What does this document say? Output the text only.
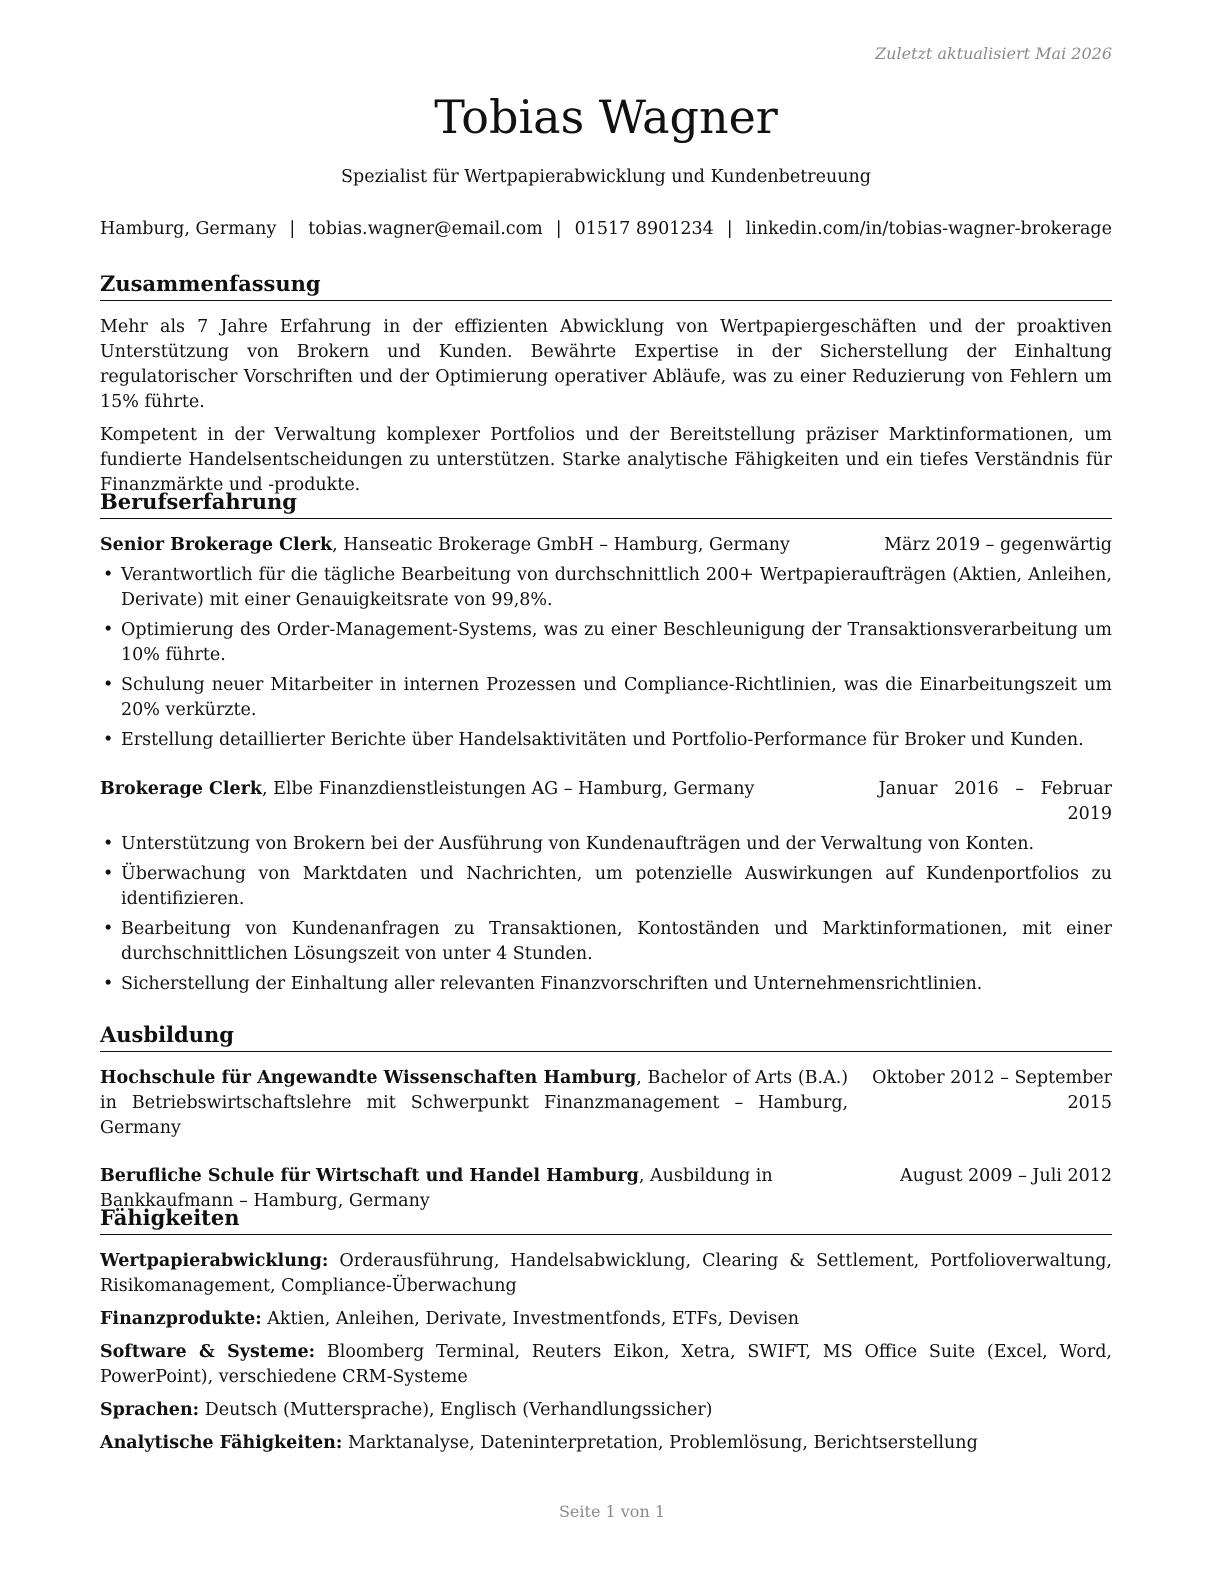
Zuletzt aktualisiert Mai 2026
Tobias Wagner
Spezialist für Wertpapierabwicklung und Kundenbetreuung
Hamburg, Germany | tobias.wagner@email.com | 01517 8901234 | linkedin.com/in/tobias-wagner-brokerage
Zusammenfassung

Mehr als 7 Jahre Erfahrung in der effizienten Abwicklung von Wertpapiergeschäften und der proaktiven Unterstützung von Brokern und Kunden. Bewährte Expertise in der Sicherstellung der Einhaltung regulatorischer Vorschriften und der Optimierung operativer Abläufe, was zu einer Reduzierung von Fehlern um 15% führte.

Kompetent in der Verwaltung komplexer Portfolios und der Bereitstellung präziser Marktinformationen, um fundierte Handelsentscheidungen zu unterstützen. Starke analytische Fähigkeiten und ein tiefes Verständnis für Finanzmärkte und -produkte.

Berufserfahrung
Senior Brokerage Clerk, Hanseatic Brokerage GmbH – Hamburg, Germany	März 2019 – gegenwärtig
• Verantwortlich für die tägliche Bearbeitung von durchschnittlich 200+ Wertpapieraufträgen (Aktien, Anleihen, Derivate) mit einer Genauigkeitsrate von 99,8%.
• Optimierung des Order-Management-Systems, was zu einer Beschleunigung der Transaktionsverarbeitung um 10% führte.
• Schulung neuer Mitarbeiter in internen Prozessen und Compliance-Richtlinien, was die Einarbeitungszeit um 20% verkürzte.
• Erstellung detaillierter Berichte über Handelsaktivitäten und Portfolio-Performance für Broker und Kunden.
Brokerage Clerk, Elbe Finanzdienstleistungen AG – Hamburg, Germany	Januar   2016   –   Februar
2019
• Unterstützung von Brokern bei der Ausführung von Kundenaufträgen und der Verwaltung von Konten.
• Überwachung von Marktdaten und Nachrichten, um potenzielle Auswirkungen auf Kundenportfolios zu identifizieren.
• Bearbeitung von Kundenanfragen zu Transaktionen, Kontoständen und Marktinformationen, mit einer durchschnittlichen Lösungszeit von unter 4 Stunden.
• Sicherstellung der Einhaltung aller relevanten Finanzvorschriften und Unternehmensrichtlinien.
Ausbildung
Hochschule für Angewandte Wissenschaften Hamburg, Bachelor of Arts (B.A.) in Betriebswirtschaftslehre mit Schwerpunkt Finanzmanagement – Hamburg, Germany
Oktober 2012 – September
2015
Berufliche Schule für Wirtschaft und Handel Hamburg, Ausbildung in Bankkaufmann – Hamburg, Germany
August 2009 – Juli 2012
Fähigkeiten

Wertpapierabwicklung: Orderausführung, Handelsabwicklung, Clearing & Settlement, Portfolioverwaltung, Risikomanagement, Compliance-Überwachung

Finanzprodukte: Aktien, Anleihen, Derivate, Investmentfonds, ETFs, Devisen

Software & Systeme: Bloomberg Terminal, Reuters Eikon, Xetra, SWIFT, MS Office Suite (Excel, Word, PowerPoint), verschiedene CRM-Systeme

Sprachen: Deutsch (Muttersprache), Englisch (Verhandlungssicher)

Analytische Fähigkeiten: Marktanalyse, Dateninterpretation, Problemlösung, Berichtserstellung

Seite 1 von 1
